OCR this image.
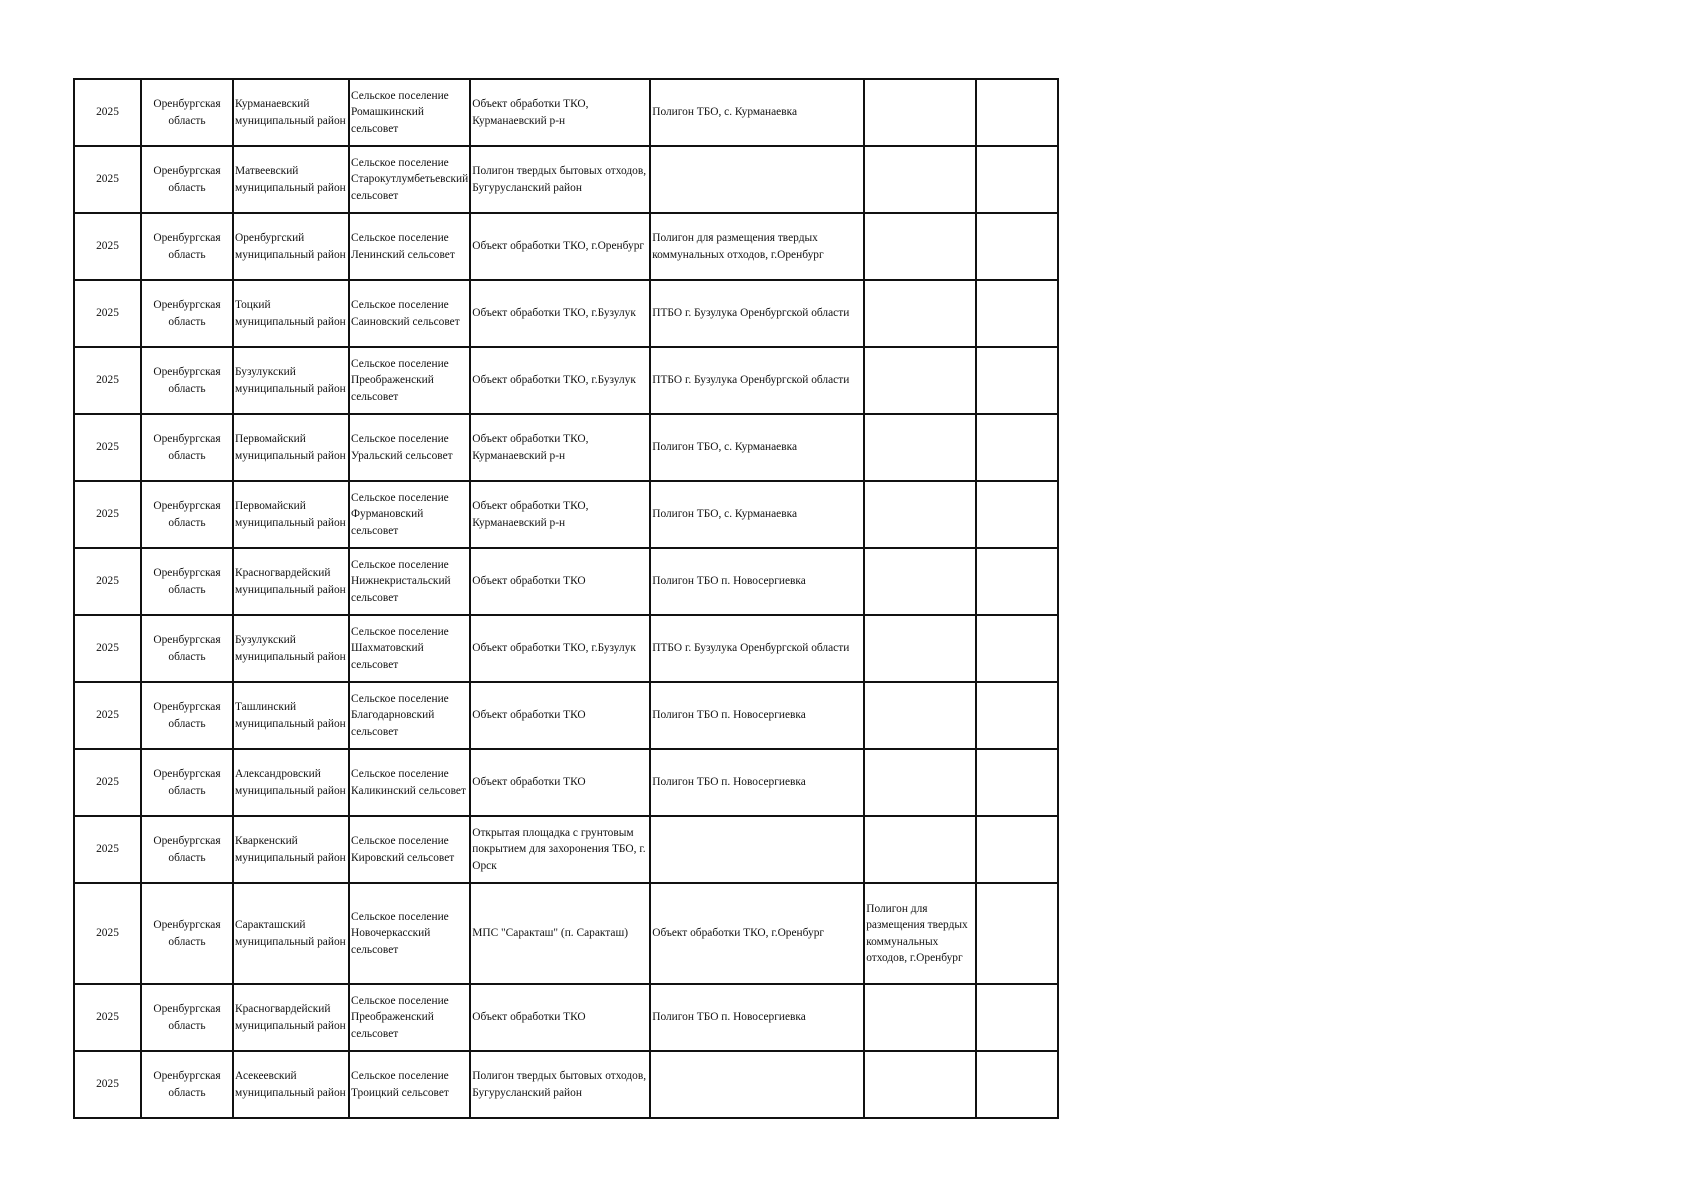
2025	Оренбургская область	Курманаевский муниципальный район	Сельское поселение Ромашкинский сельсовет	Объект обработки ТКО, Курманаевский р-н	Полигон ТБО, с. Курманаевка		
2025	Оренбургская область	Матвеевский муниципальный район	Сельское поселение Старокутлумбетьевский сельсовет	Полигон твердых бытовых отходов, Бугурусланский район			
2025	Оренбургская область	Оренбургский муниципальный район	Сельское поселение Ленинский сельсовет	Объект обработки ТКО, г.Оренбург	Полигон для размещения твердых коммунальных отходов, г.Оренбург		
2025	Оренбургская область	Тоцкий муниципальный район	Сельское поселение Саиновский сельсовет	Объект обработки ТКО, г.Бузулук	ПТБО г. Бузулука Оренбургской области		
2025	Оренбургская область	Бузулукский муниципальный район	Сельское поселение Преображенский сельсовет	Объект обработки ТКО, г.Бузулук	ПТБО г. Бузулука Оренбургской области		
2025	Оренбургская область	Первомайский муниципальный район	Сельское поселение Уральский сельсовет	Объект обработки ТКО, Курманаевский р-н	Полигон ТБО, с. Курманаевка		
2025	Оренбургская область	Первомайский муниципальный район	Сельское поселение Фурмановский сельсовет	Объект обработки ТКО, Курманаевский р-н	Полигон ТБО, с. Курманаевка		
2025	Оренбургская область	Красногвардейский муниципальный район	Сельское поселение Нижнекристальский сельсовет	Объект обработки ТКО	Полигон ТБО п. Новосергиевка		
2025	Оренбургская область	Бузулукский муниципальный район	Сельское поселение Шахматовский сельсовет	Объект обработки ТКО, г.Бузулук	ПТБО г. Бузулука Оренбургской области		
2025	Оренбургская область	Ташлинский муниципальный район	Сельское поселение Благодарновский сельсовет	Объект обработки ТКО	Полигон ТБО п. Новосергиевка		
2025	Оренбургская область	Александровский муниципальный район	Сельское поселение Каликинский сельсовет	Объект обработки ТКО	Полигон ТБО п. Новосергиевка		
2025	Оренбургская область	Кваркенский муниципальный район	Сельское поселение Кировский сельсовет	Открытая площадка с грунтовым покрытием для захоронения ТБО, г. Орск			
2025	Оренбургская область	Саракташский муниципальный район	Сельское поселение Новочеркасский сельсовет	МПС "Саракташ" (п. Саракташ)	Объект обработки ТКО, г.Оренбург	Полигон для размещения твердых коммунальных отходов, г.Оренбург	
2025	Оренбургская область	Красногвардейский муниципальный район	Сельское поселение Преображенский сельсовет	Объект обработки ТКО	Полигон ТБО п. Новосергиевка		
2025	Оренбургская область	Асекеевский муниципальный район	Сельское поселение Троицкий сельсовет	Полигон твердых бытовых отходов, Бугурусланский район			
